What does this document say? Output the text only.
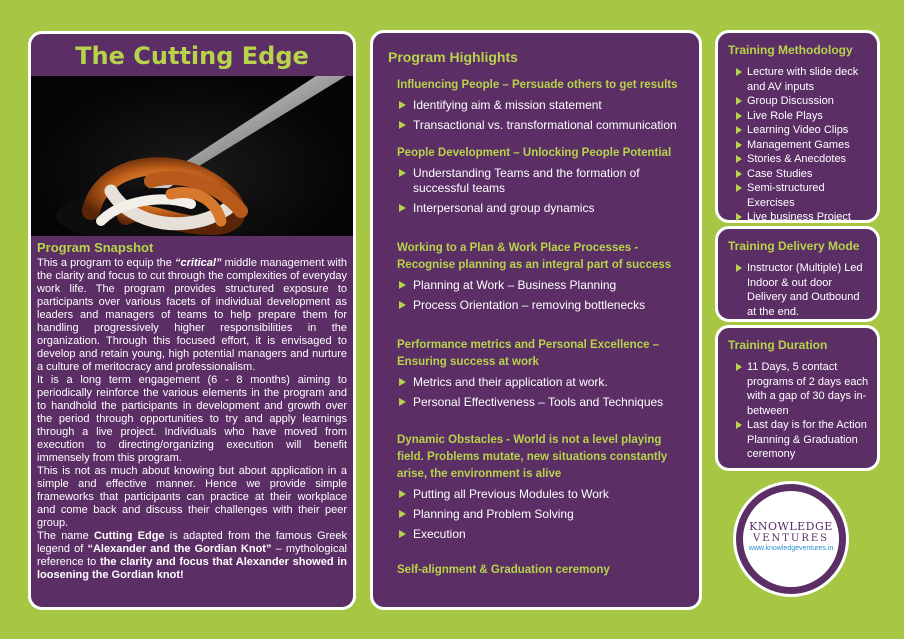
The Cutting Edge
Program Snapshot

This a program to equip the “critical” middle management with the clarity and focus to cut through the complexities of everyday work life. The program provides structured exposure to participants over various facets of individual development as leaders and managers of teams to help prepare them for handling progressively higher responsibilities in the organization. Through this focused effort, it is envisaged to develop and retain young, high potential managers and nurture a culture of meritocracy and professionalism.

It is a long term engagement (6 - 8 months) aiming to periodically reinforce the various elements in the program and to handhold the participants in development and growth over the period through opportunities to try and apply learnings through a live project. Individuals who have moved from execution to directing/organizing execution will benefit immensely from this program.

This is not as much about knowing but about application in a simple and effective manner. Hence we provide simple frameworks that participants can practice at their workplace and come back and discuss their challenges with their peer group.

The name Cutting Edge is adapted from the famous Greek legend of “Alexander and the Gordian Knot” – mythological reference to the clarity and focus that Alexander showed in loosening the Gordian knot!

Program Highlights
Influencing People – Persuade others to get results
Identifying aim & mission statement
Transactional vs. transformational communication
People Development – Unlocking People Potential
Understanding Teams and the formation of successful teams
Interpersonal and group dynamics
Working to a Plan & Work Place Processes - Recognise planning as an integral part of success
Planning at Work – Business Planning
Process Orientation – removing bottlenecks
Performance metrics and Personal Excellence – Ensuring success at work
Metrics and their application at work.
Personal Effectiveness – Tools and Techniques
Dynamic Obstacles - World is not a level playing field. Problems mutate, new situations constantly arise, the environment is alive
Putting all Previous Modules to Work
Planning and Problem Solving
Execution
Self-alignment & Graduation ceremony
Training Methodology
Lecture with slide deck and AV inputs
Group Discussion
Live Role Plays
Learning Video Clips
Management Games
Stories & Anecdotes
Case Studies
Semi-structured Exercises
Live business Project
Training Delivery Mode
Instructor (Multiple) Led Indoor & out door Delivery and Outbound at the end.
Training Duration
11 Days, 5 contact programs of 2 days each with a gap of 30 days in-between
Last day is for the Action Planning & Graduation ceremony
KNOWLEDGE
VENTURES
www.knowledgeventures.in
